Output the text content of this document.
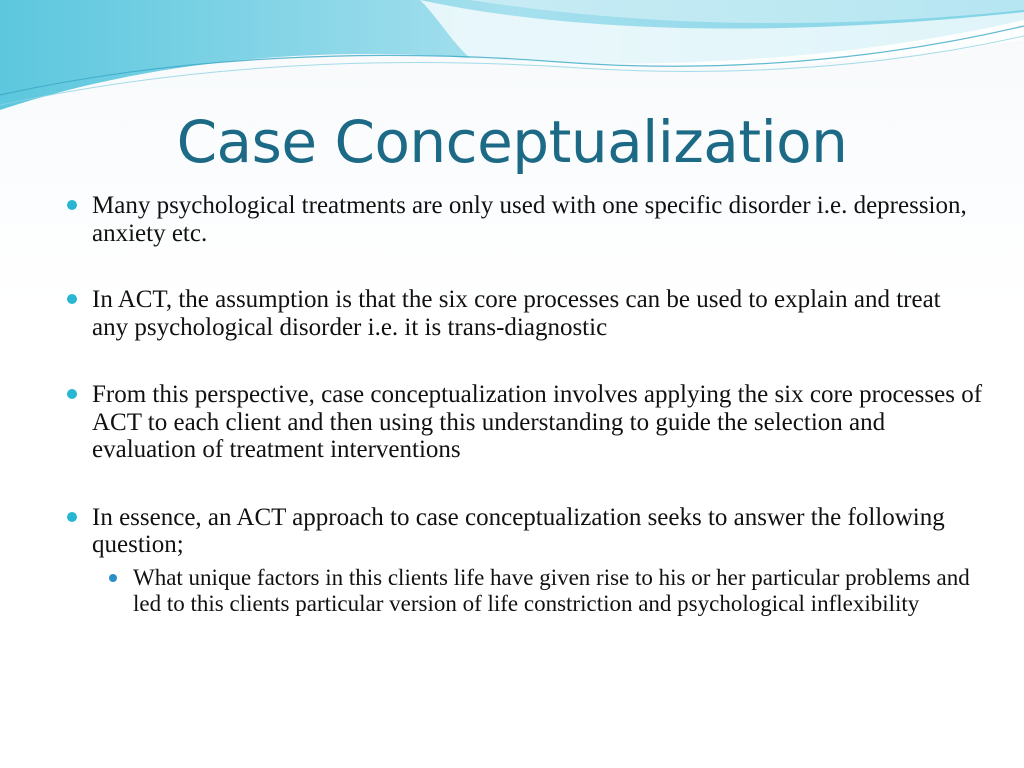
Case Conceptualization
Many psychological treatments are only used with one specific disorder i.e. depression, anxiety etc.
In ACT, the assumption is that the six core processes can be used to explain and treat any psychological disorder i.e. it is trans-diagnostic
From this perspective, case conceptualization involves applying the six core processes of ACT to each client and then using this understanding to guide the selection and evaluation of treatment interventions
In essence, an ACT approach to case conceptualization seeks to answer the following question;
What unique factors in this clients life have given rise to his or her particular problems and led to this clients particular version of life constriction and psychological inflexibility
